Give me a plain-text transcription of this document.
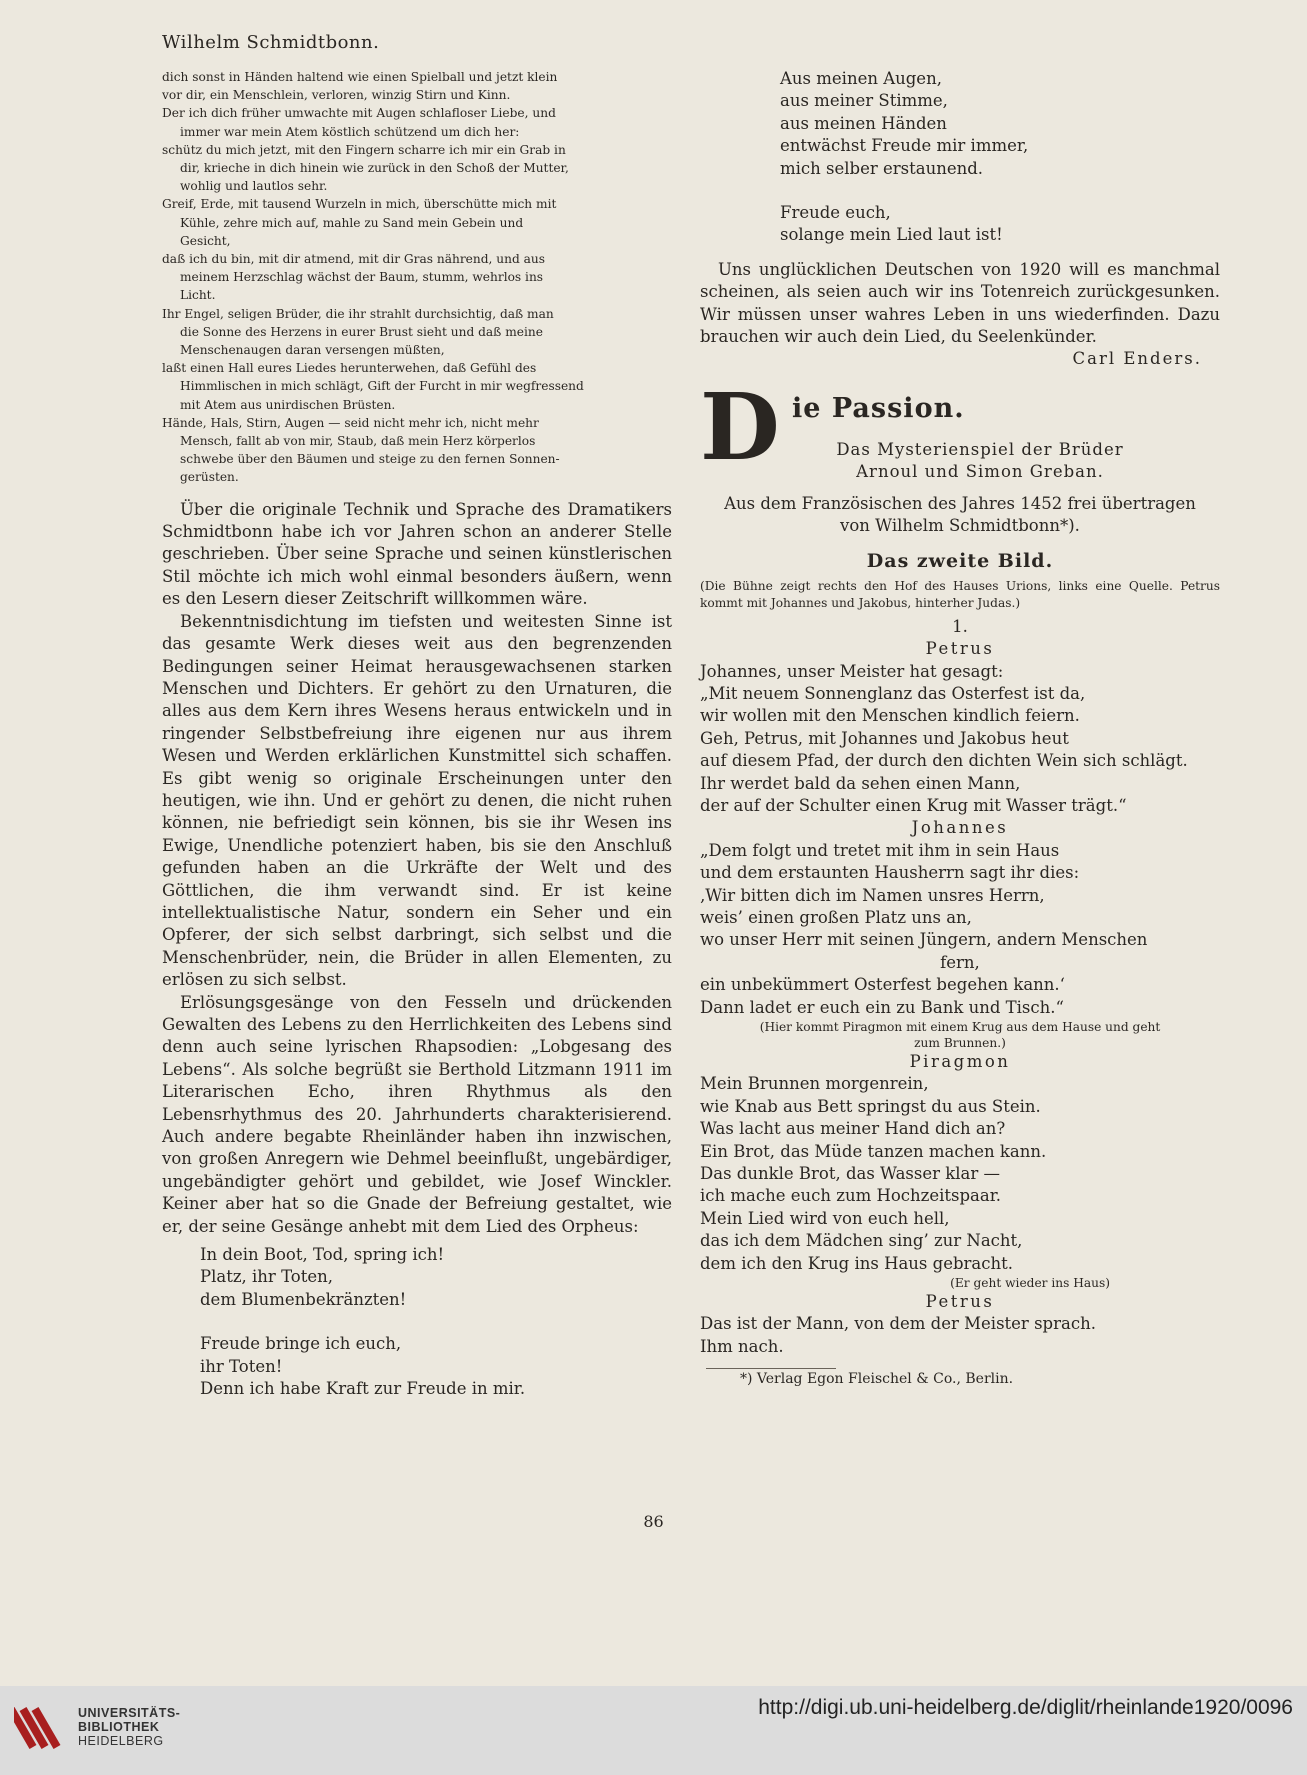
Wilhelm Schmidtbonn.
dich sonst in Händen haltend wie einen Spielball und jetzt klein
vor dir, ein Menschlein, verloren, winzig Stirn und Kinn.
Der ich dich früher umwachte mit Augen schlafloser Liebe, und
immer war mein Atem köstlich schützend um dich her:
schütz du mich jetzt, mit den Fingern scharre ich mir ein Grab in
dir, krieche in dich hinein wie zurück in den Schoß der Mutter,
wohlig und lautlos sehr.
Greif, Erde, mit tausend Wurzeln in mich, überschütte mich mit
Kühle, zehre mich auf, mahle zu Sand mein Gebein und
Gesicht,
daß ich du bin, mit dir atmend, mit dir Gras nährend, und aus
meinem Herzschlag wächst der Baum, stumm, wehrlos ins
Licht.
Ihr Engel, seligen Brüder, die ihr strahlt durchsichtig, daß man
die Sonne des Herzens in eurer Brust sieht und daß meine
Menschenaugen daran versengen müßten,
laßt einen Hall eures Liedes herunterwehen, daß Gefühl des
Himmlischen in mich schlägt, Gift der Furcht in mir wegfressend
mit Atem aus unirdischen Brüsten.
Hände, Hals, Stirn, Augen — seid nicht mehr ich, nicht mehr
Mensch, fallt ab von mir, Staub, daß mein Herz körperlos
schwebe über den Bäumen und steige zu den fernen Sonnen-
gerüsten.

Über die originale Technik und Sprache des Dramatikers Schmidtbonn habe ich vor Jahren schon an anderer Stelle geschrieben. Über seine Sprache und seinen künstlerischen Stil möchte ich mich wohl einmal besonders äußern, wenn es den Lesern dieser Zeitschrift willkommen wäre.

Bekenntnisdichtung im tiefsten und weitesten Sinne ist das gesamte Werk dieses weit aus den begrenzenden Bedingungen seiner Heimat herausgewachsenen starken Menschen und Dichters. Er gehört zu den Urnaturen, die alles aus dem Kern ihres Wesens heraus entwickeln und in ringender Selbstbefreiung ihre eigenen nur aus ihrem Wesen und Werden erklärlichen Kunstmittel sich schaffen. Es gibt wenig so originale Erscheinungen unter den heutigen, wie ihn. Und er gehört zu denen, die nicht ruhen können, nie befriedigt sein können, bis sie ihr Wesen ins Ewige, Unendliche potenziert haben, bis sie den Anschluß gefunden haben an die Urkräfte der Welt und des Göttlichen, die ihm verwandt sind. Er ist keine intellektualistische Natur, sondern ein Seher und ein Opferer, der sich selbst darbringt, sich selbst und die Menschenbrüder, nein, die Brüder in allen Elementen, zu erlösen zu sich selbst.

Erlösungsgesänge von den Fesseln und drückenden Gewalten des Lebens zu den Herrlichkeiten des Lebens sind denn auch seine lyrischen Rhapsodien: „Lobgesang des Lebens“. Als solche begrüßt sie Berthold Litzmann 1911 im Literarischen Echo, ihren Rhythmus als den Lebensrhythmus des 20. Jahrhunderts charakterisierend. Auch andere begabte Rheinländer haben ihn inzwischen, von großen Anregern wie Dehmel beeinflußt, ungebärdiger, ungebändigter gehört und gebildet, wie Josef Winckler. Keiner aber hat so die Gnade der Befreiung gestaltet, wie er, der seine Gesänge anhebt mit dem Lied des Orpheus:

In dein Boot, Tod, spring ich!
Platz, ihr Toten,
dem Blumenbekränzten!
Freude bringe ich euch,
ihr Toten!
Denn ich habe Kraft zur Freude in mir.
Aus meinen Augen,
aus meiner Stimme,
aus meinen Händen
entwächst Freude mir immer,
mich selber erstaunend.
Freude euch,
solange mein Lied laut ist!

Uns unglücklichen Deutschen von 1920 will es manchmal scheinen, als seien auch wir ins Totenreich zurückgesunken. Wir müssen unser wahres Leben in uns wiederfinden. Dazu brauchen wir auch dein Lied, du Seelenkünder.

Carl Enders.
D ie Passion.
Das Mysterienspiel der Brüder
Arnoul und Simon Greban.
Aus dem Französischen des Jahres 1452 frei übertragen
von Wilhelm Schmidtbonn*).
Das zweite Bild.
(Die Bühne zeigt rechts den Hof des Hauses Urions, links eine Quelle. Petrus kommt mit Johannes und Jakobus, hinterher Judas.)
1.
Petrus
Johannes, unser Meister hat gesagt:
„Mit neuem Sonnenglanz das Osterfest ist da,
wir wollen mit den Menschen kindlich feiern.
Geh, Petrus, mit Johannes und Jakobus heut
auf diesem Pfad, der durch den dichten Wein sich schlägt.
Ihr werdet bald da sehen einen Mann,
der auf der Schulter einen Krug mit Wasser trägt.“
Johannes
„Dem folgt und tretet mit ihm in sein Haus
und dem erstaunten Hausherrn sagt ihr dies:
‚Wir bitten dich im Namen unsres Herrn,
weis’ einen großen Platz uns an,
wo unser Herr mit seinen Jüngern, andern Menschen
fern,
ein unbekümmert Osterfest begehen kann.‘
Dann ladet er euch ein zu Bank und Tisch.“
(Hier kommt Piragmon mit einem Krug aus dem Hause und geht
zum Brunnen.)
Piragmon
Mein Brunnen morgenrein,
wie Knab aus Bett springst du aus Stein.
Was lacht aus meiner Hand dich an?
Ein Brot, das Müde tanzen machen kann.
Das dunkle Brot, das Wasser klar —
ich mache euch zum Hochzeitspaar.
Mein Lied wird von euch hell,
das ich dem Mädchen sing’ zur Nacht,
dem ich den Krug ins Haus gebracht.
(Er geht wieder ins Haus)
Petrus
Das ist der Mann, von dem der Meister sprach.
Ihm nach.
*) Verlag Egon Fleischel & Co., Berlin.
86
UNIVERSITÄTS-
BIBLIOTHEK
HEIDELBERG
http://digi.ub.uni-heidelberg.de/diglit/rheinlande1920/0096
